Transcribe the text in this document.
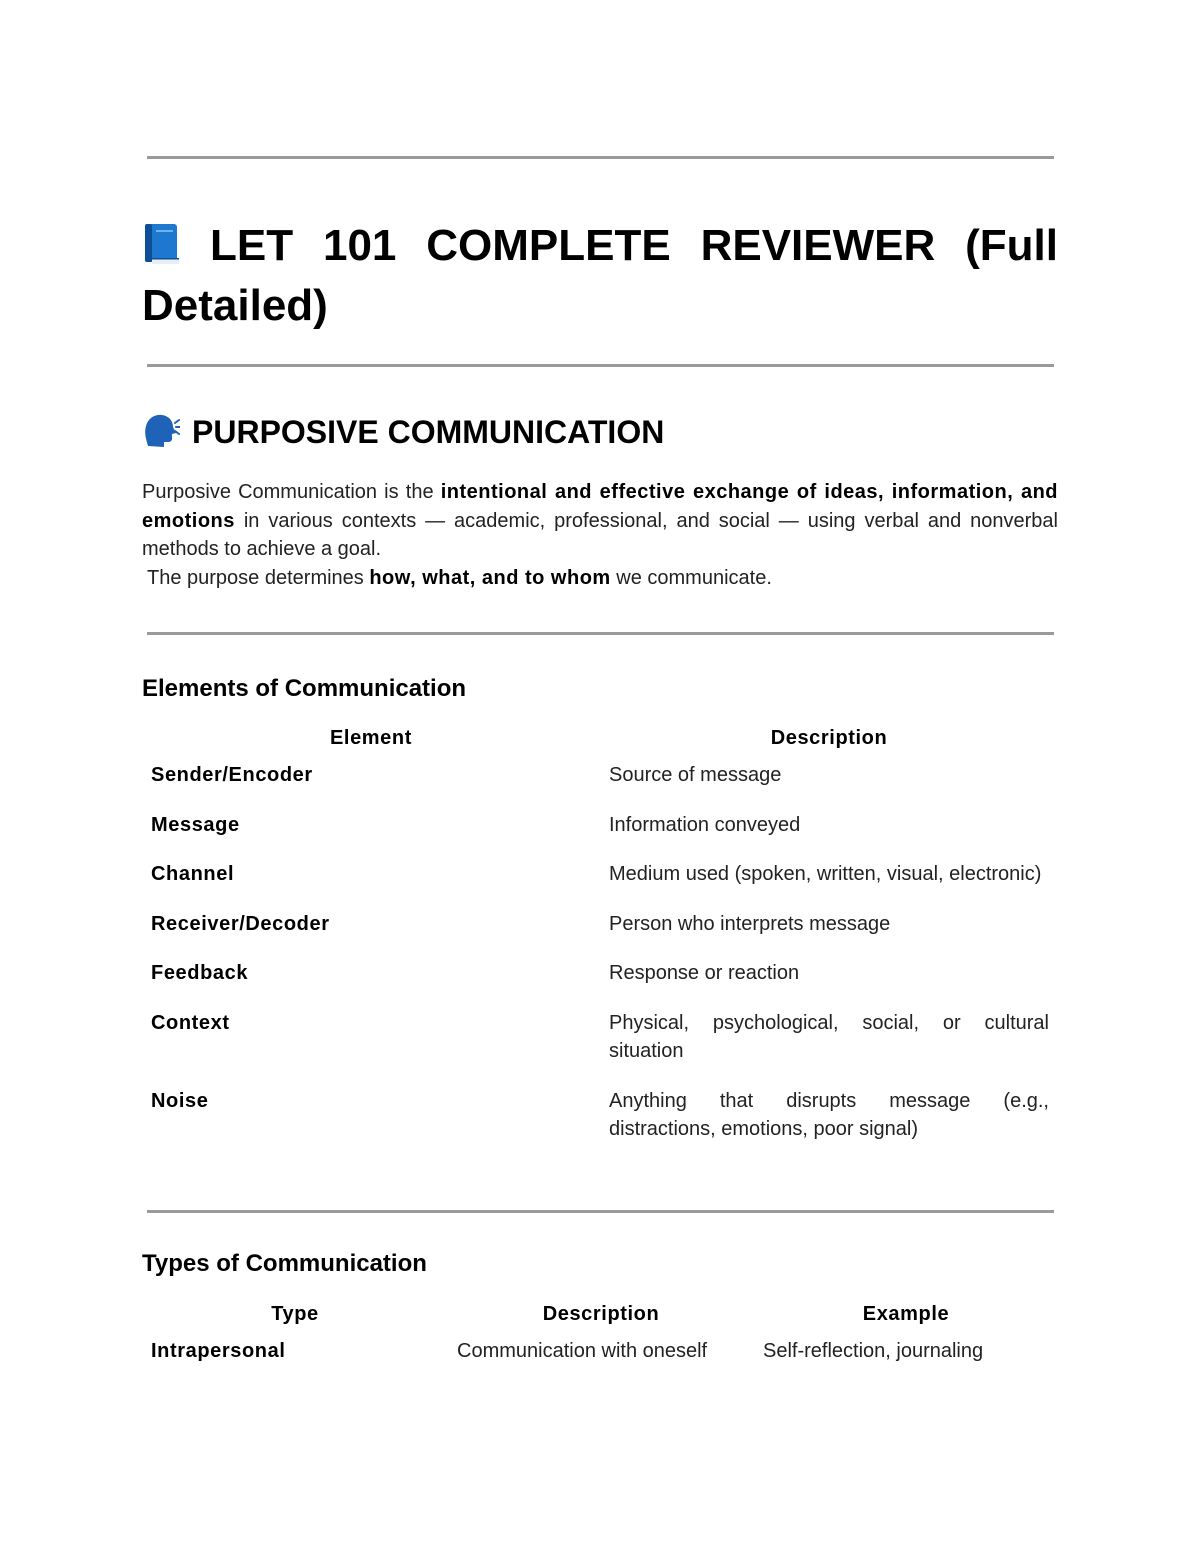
LET 101 COMPLETE REVIEWER (Full Detailed)
PURPOSIVE COMMUNICATION

Purposive Communication is the intentional and effective exchange of ideas, information, and emotions in various contexts — academic, professional, and social — using verbal and nonverbal methods to achieve a goal.

The purpose determines how, what, and to whom we communicate.

Elements of Communication
Element	Description
Sender/Encoder	Source of message
Message	Information conveyed
Channel	Medium used (spoken, written, visual, electronic)
Receiver/Decoder	Person who interprets message
Feedback	Response or reaction
Context	Physical, psychological, social, or cultural situation
Noise	Anything that disrupts message (e.g., distractions, emotions, poor signal)
Types of Communication
Type	Description	Example
Intrapersonal	Communication with oneself	Self-reflection, journaling
